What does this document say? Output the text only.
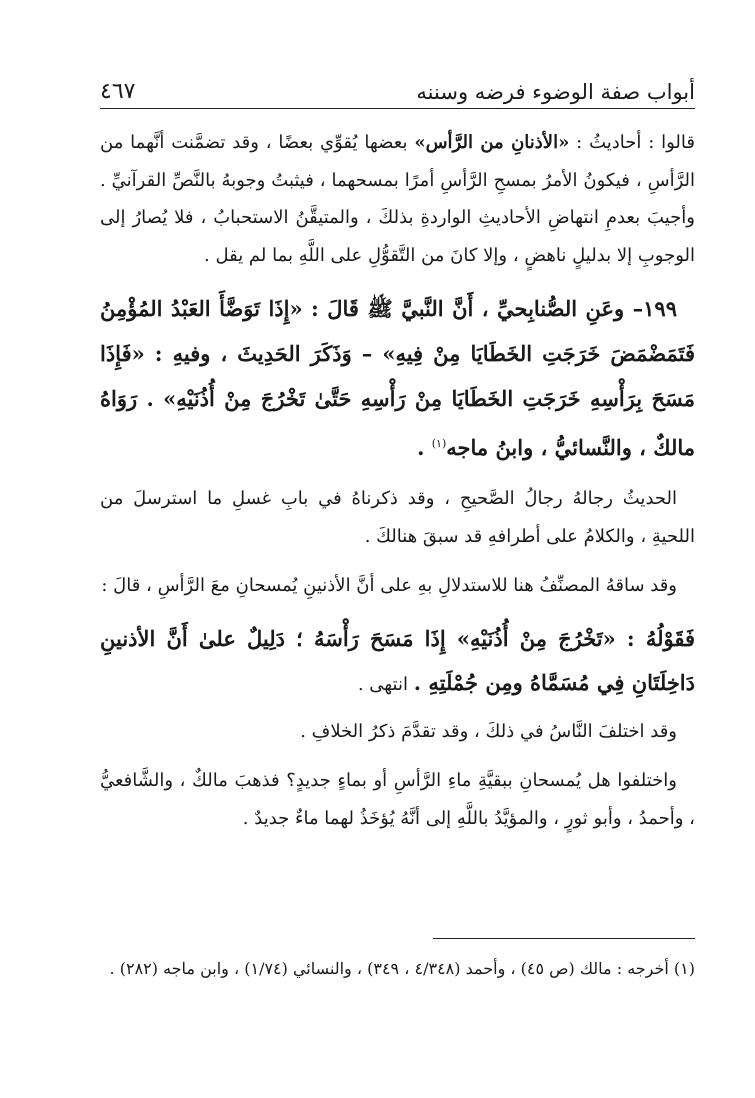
أبواب صفة الوضوء فرضه وسننه
٤٦٧

قالوا : أحاديثُ : «الأذنانِ من الرَّأس» بعضها يُقوِّي بعضًا ، وقد تضمَّنت أنَّهما من الرَّأسِ ، فيكونُ الأمرُ بمسحِ الرَّأسِ أمرًا بمسحهما ، فيثبتُ وجوبهُ بالنَّصِّ القرآنيِّ . وأجيبَ بعدمِ انتهاضِ الأحاديثِ الواردةِ بذلكَ ، والمتيقَّنُ الاستحبابُ ، فلا يُصارُ إلى الوجوبِ إلا بدليلٍ ناهضٍ ، وإلا كانَ من التَّقوُّلِ على اللَّهِ بما لم يقل .

١٩٩– وعَنِ الصُّنابِحيِّ ، أَنَّ النَّبيَّ ﷺ قَالَ : «إِذَا تَوَضَّأَ العَبْدُ المُؤْمِنُ فَتَمَضْمَضَ خَرَجَتِ الخَطَايَا مِنْ فِيهِ» – وَذَكَرَ الحَدِيثَ ، وفيهِ : «فَإِذَا مَسَحَ بِرَأْسِهِ خَرَجَتِ الخَطَايَا مِنْ رَأْسِهِ حَتَّىٰ تَخْرُجَ مِنْ أُذُنَيْهِ» . رَوَاهُ مالكٌ ، والنَّسائيُّ ، وابنُ ماجه$^{(١)}$ .

الحديثُ رجالهُ رجالُ الصَّحيحِ ، وقد ذكرناهُ في بابِ غسلِ ما استرسلَ من اللحيةِ ، والكلامُ على أطرافهِ قد سبقَ هنالكَ .

وقد ساقهُ المصنِّفُ هنا للاستدلالِ بهِ على أنَّ الأذنينِ يُمسحانِ معَ الرَّأسِ ، قالَ :

فَقَوْلُهُ : «تَخْرُجَ مِنْ أُذُنَيْهِ» إِذَا مَسَحَ رَأْسَهُ ؛ دَلِيلٌ علىٰ أَنَّ الأذنينِ دَاخِلَتَانِ فِي مُسَمَّاهُ ومِن جُمْلَتِهِ . انتهى .

وقد اختلفَ النَّاسُ في ذلكَ ، وقد تقدَّمَ ذكرُ الخلافِ .

واختلفوا هل يُمسحانِ ببقيَّةِ ماءِ الرَّأسِ أو بماءٍ جديدٍ؟ فذهبَ مالكٌ ، والشَّافعيُّ ، وأحمدُ ، وأبو ثورٍ ، والمؤيَّدُ باللَّهِ إلى أنَّهُ يُؤخَذُ لهما ماءٌ جديدٌ .

(١) أخرجه : مالك (ص ٤٥) ، وأحمد (٤/٣٤٨ ، ٣٤٩) ، والنسائي (١/٧٤) ، وابن ماجه (٢٨٢) .
